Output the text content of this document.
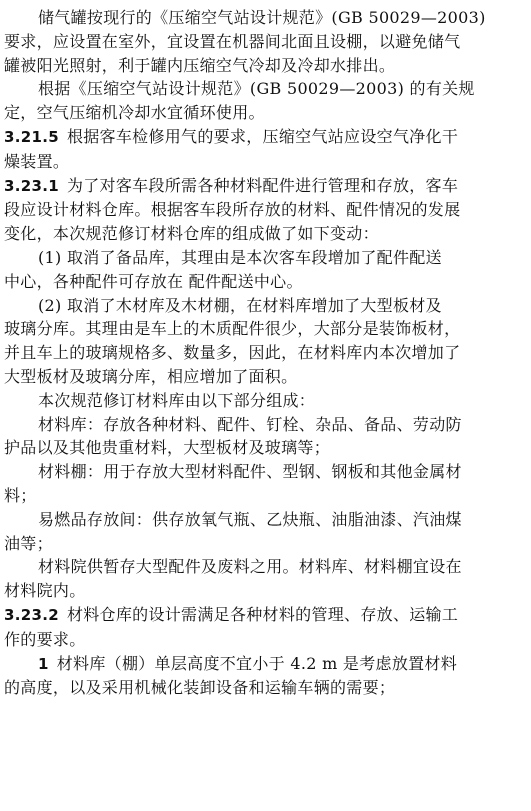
储气罐按现行的《压缩空气站设计规范》(GB 50029—2003)
要求，应设置在室外，宜设置在机器间北面且设棚，以避免储气
罐被阳光照射，利于罐内压缩空气冷却及冷却水排出。
根据《压缩空气站设计规范》(GB 50029—2003) 的有关规
定，空气压缩机冷却水宜循环使用。
3.21.5 根据客车检修用气的要求，压缩空气站应设空气净化干
燥装置。
3.23.1 为了对客车段所需各种材料配件进行管理和存放，客车
段应设计材料仓库。根据客车段所存放的材料、配件情况的发展
变化，本次规范修订材料仓库的组成做了如下变动：
(1) 取消了备品库，其理由是本次客车段增加了配件配送
中心，各种配件可存放在 配件配送中心。
(2) 取消了木材库及木材棚，在材料库增加了大型板材及
玻璃分库。其理由是车上的木质配件很少，大部分是装饰板材，
并且车上的玻璃规格多、数量多，因此，在材料库内本次增加了
大型板材及玻璃分库，相应增加了面积。
本次规范修订材料库由以下部分组成：
材料库：存放各种材料、配件、钉栓、杂品、备品、劳动防
护品以及其他贵重材料，大型板材及玻璃等；
材料棚：用于存放大型材料配件、型钢、钢板和其他金属材
料；
易燃品存放间：供存放氧气瓶、乙炔瓶、油脂油漆、汽油煤
油等；
材料院供暂存大型配件及废料之用。材料库、材料棚宜设在
材料院内。
3.23.2 材料仓库的设计需满足各种材料的管理、存放、运输工
作的要求。
1 材料库（棚）单层高度不宜小于 4.2 m 是考虑放置材料
的高度，以及采用机械化装卸设备和运输车辆的需要；
